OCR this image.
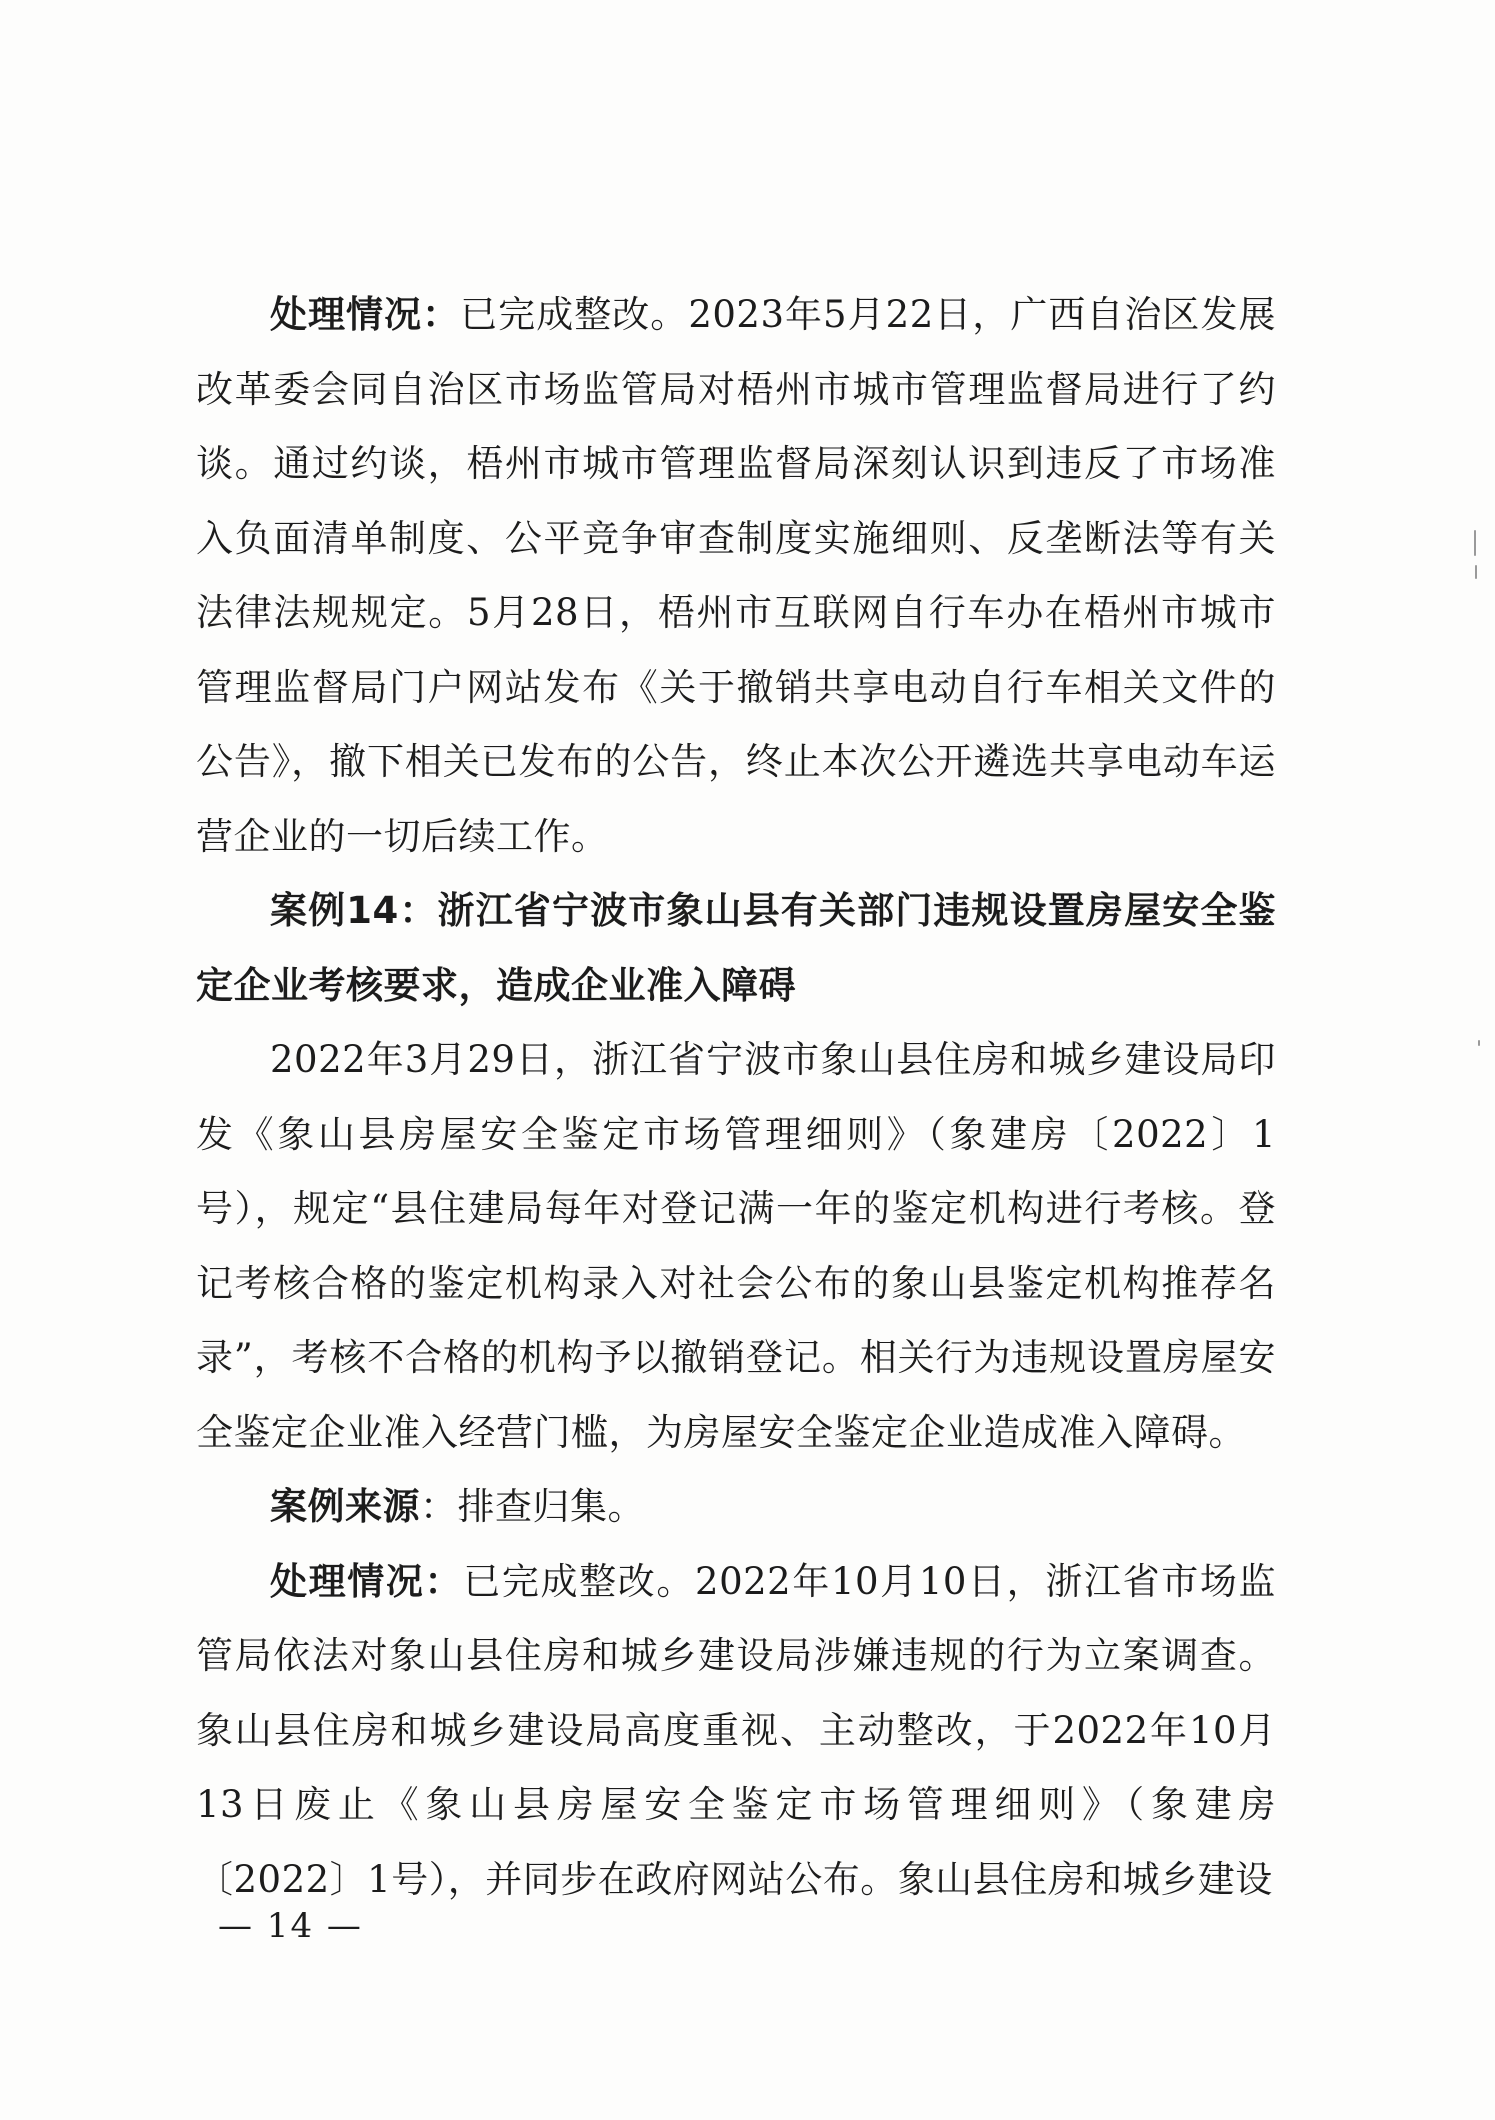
处理情况：已完成整改。2023年5月22日，广西自治区发展改革委会同自治区市场监管局对梧州市城市管理监督局进行了约谈。通过约谈，梧州市城市管理监督局深刻认识到违反了市场准入负面清单制度、公平竞争审查制度实施细则、反垄断法等有关法律法规规定。5月28日，梧州市互联网自行车办在梧州市城市管理监督局门户网站发布《关于撤销共享电动自行车相关文件的公告》，撤下相关已发布的公告，终止本次公开遴选共享电动车运营企业的一切后续工作。

案例14：浙江省宁波市象山县有关部门违规设置房屋安全鉴定企业考核要求，造成企业准入障碍

2022年3月29日，浙江省宁波市象山县住房和城乡建设局印发《象山县房屋安全鉴定市场管理细则》（象建房〔2022〕1号），规定“县住建局每年对登记满一年的鉴定机构进行考核。登记考核合格的鉴定机构录入对社会公布的象山县鉴定机构推荐名录”，考核不合格的机构予以撤销登记。相关行为违规设置房屋安全鉴定企业准入经营门槛，为房屋安全鉴定企业造成准入障碍。

案例来源：排查归集。

处理情况：已完成整改。2022年10月10日，浙江省市场监管局依法对象山县住房和城乡建设局涉嫌违规的行为立案调查。象山县住房和城乡建设局高度重视、主动整改，于2022年10月13日废止《象山县房屋安全鉴定市场管理细则》（象建房〔2022〕1号），并同步在政府网站公布。象山县住房和城乡建设

— 14 —
